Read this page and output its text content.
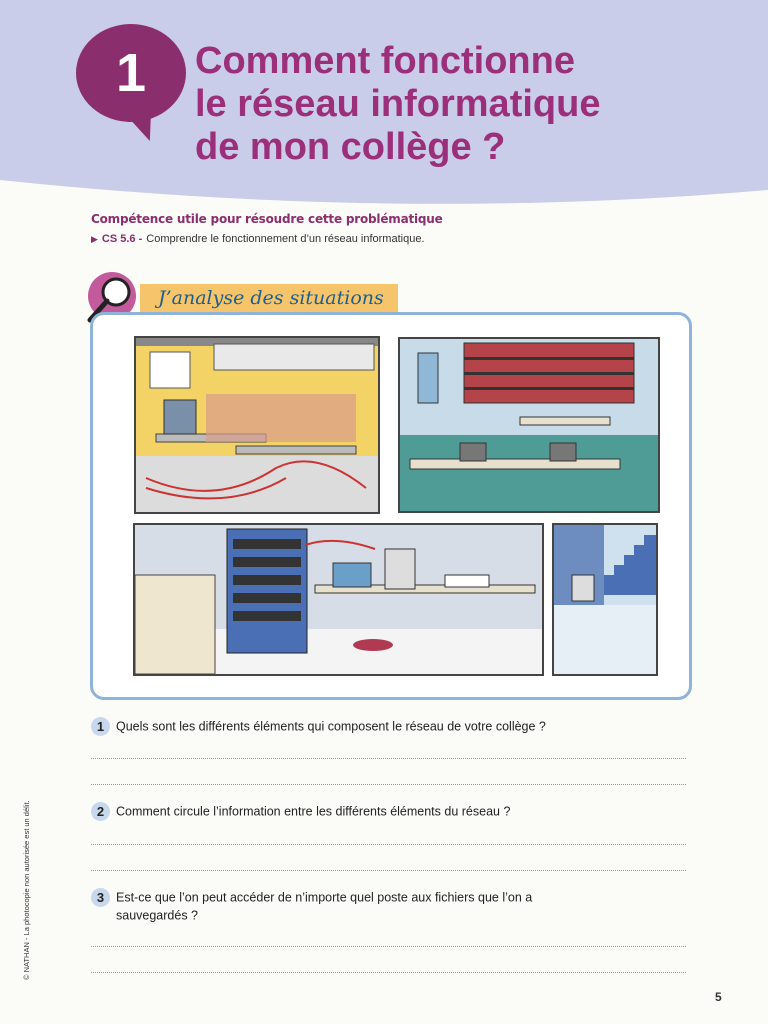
1	Comment fonctionne
le réseau informatique
de mon collège ?
Compétence utile pour résoudre cette problématique
▶ CS 5.6 - Comprendre le fonctionnement d’un réseau informatique.
J’analyse des situations
1 Quels sont les différents éléments qui composent le réseau de votre collège ?
2 Comment circule l’information entre les différents éléments du réseau ?
3 Est-ce que l’on peut accéder de n’importe quel poste aux fichiers que l’on a
sauvegardés ?
© NATHAN - La photocopie non autorisée est un délit.
5
